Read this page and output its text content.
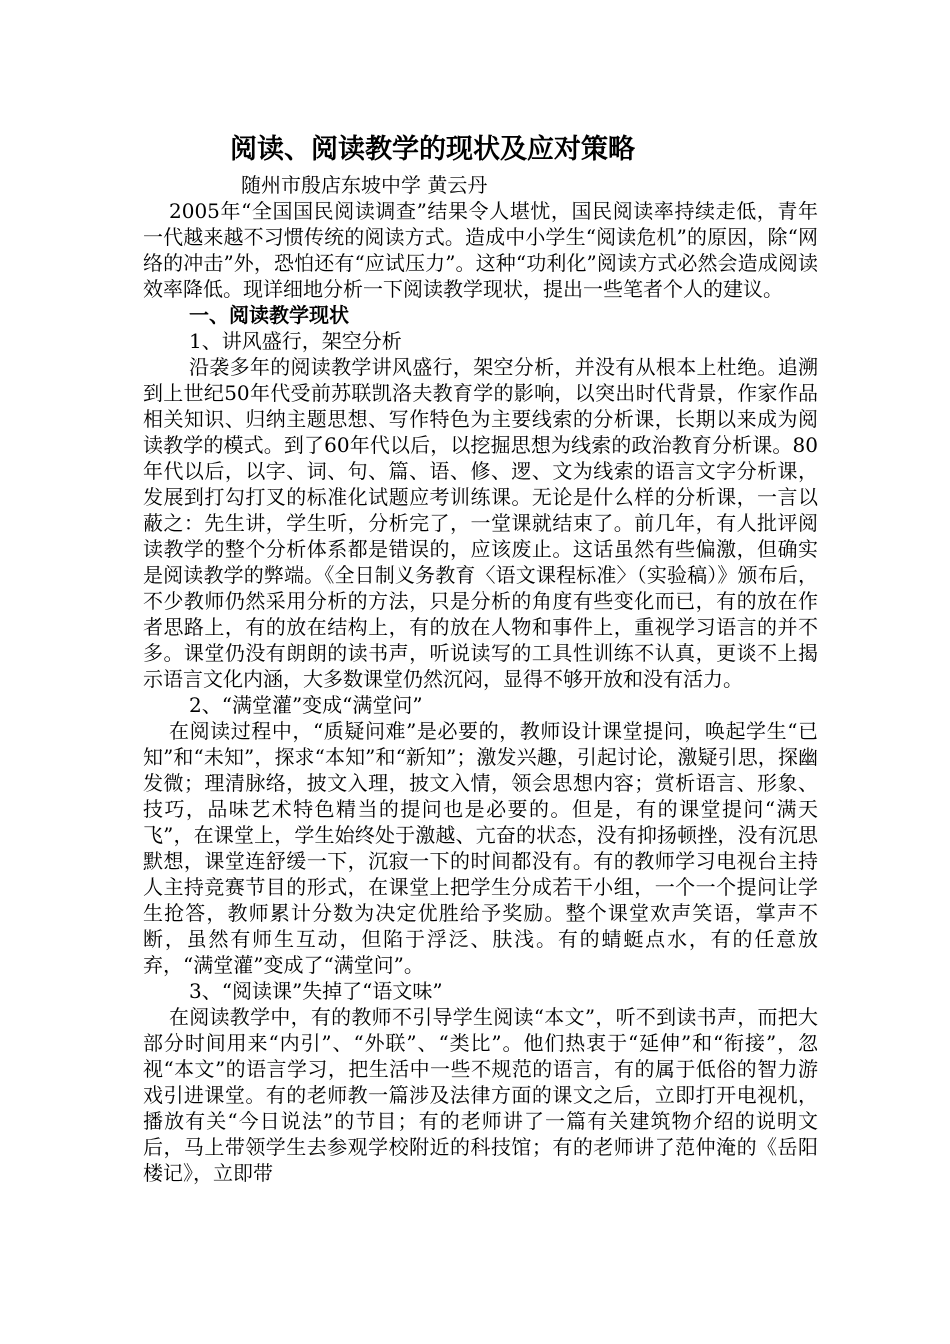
阅读、阅读教学的现状及应对策略
随州市殷店东坡中学 黄云丹

2005年“全国国民阅读调查”结果令人堪忧，国民阅读率持续走低，青年一代越来越不习惯传统的阅读方式。造成中小学生“阅读危机”的原因，除“网络的冲击”外，恐怕还有“应试压力”。这种“功利化”阅读方式必然会造成阅读效率降低。现详细地分析一下阅读教学现状，提出一些笔者个人的建议。

一、阅读教学现状
1、讲风盛行，架空分析

沿袭多年的阅读教学讲风盛行，架空分析，并没有从根本上杜绝。追溯到上世纪50年代受前苏联凯洛夫教育学的影响，以突出时代背景，作家作品相关知识、归纳主题思想、写作特色为主要线索的分析课，长期以来成为阅读教学的模式。到了60年代以后，以挖掘思想为线索的政治教育分析课。80年代以后，以字、词、句、篇、语、修、逻、文为线索的语言文字分析课，发展到打勾打叉的标准化试题应考训练课。无论是什么样的分析课，一言以蔽之：先生讲，学生听，分析完了，一堂课就结束了。前几年，有人批评阅读教学的整个分析体系都是错误的，应该废止。这话虽然有些偏激，但确实是阅读教学的弊端。《全日制义务教育〈语文课程标准〉（实验稿）》颁布后，不少教师仍然采用分析的方法，只是分析的角度有些变化而已，有的放在作者思路上，有的放在结构上，有的放在人物和事件上，重视学习语言的并不多。课堂仍没有朗朗的读书声，听说读写的工具性训练不认真，更谈不上揭示语言文化内涵，大多数课堂仍然沉闷，显得不够开放和没有活力。

2、“满堂灌”变成“满堂问”

在阅读过程中，“质疑问难”是必要的，教师设计课堂提问，唤起学生“已知”和“未知”，探求“本知”和“新知”；激发兴趣，引起讨论，激疑引思，探幽发微；理清脉络，披文入理，披文入情，领会思想内容；赏析语言、形象、技巧，品味艺术特色精当的提问也是必要的。但是，有的课堂提问“满天飞”，在课堂上，学生始终处于激越、亢奋的状态，没有抑扬顿挫，没有沉思默想，课堂连舒缓一下，沉寂一下的时间都没有。有的教师学习电视台主持人主持竞赛节目的形式，在课堂上把学生分成若干小组，一个一个提问让学生抢答，教师累计分数为决定优胜给予奖励。整个课堂欢声笑语，掌声不断，虽然有师生互动，但陷于浮泛、肤浅。有的蜻蜓点水，有的任意放弃，“满堂灌”变成了“满堂问”。

3、“阅读课”失掉了“语文味”

在阅读教学中，有的教师不引导学生阅读“本文”，听不到读书声，而把大部分时间用来“内引”、“外联”、“类比”。他们热衷于“延伸”和“衔接”，忽视“本文”的语言学习，把生活中一些不规范的语言，有的属于低俗的智力游戏引进课堂。有的老师教一篇涉及法律方面的课文之后，立即打开电视机，播放有关“今日说法”的节目；有的老师讲了一篇有关建筑物介绍的说明文后，马上带领学生去参观学校附近的科技馆；有的老师讲了范仲淹的《岳阳楼记》，立即带
